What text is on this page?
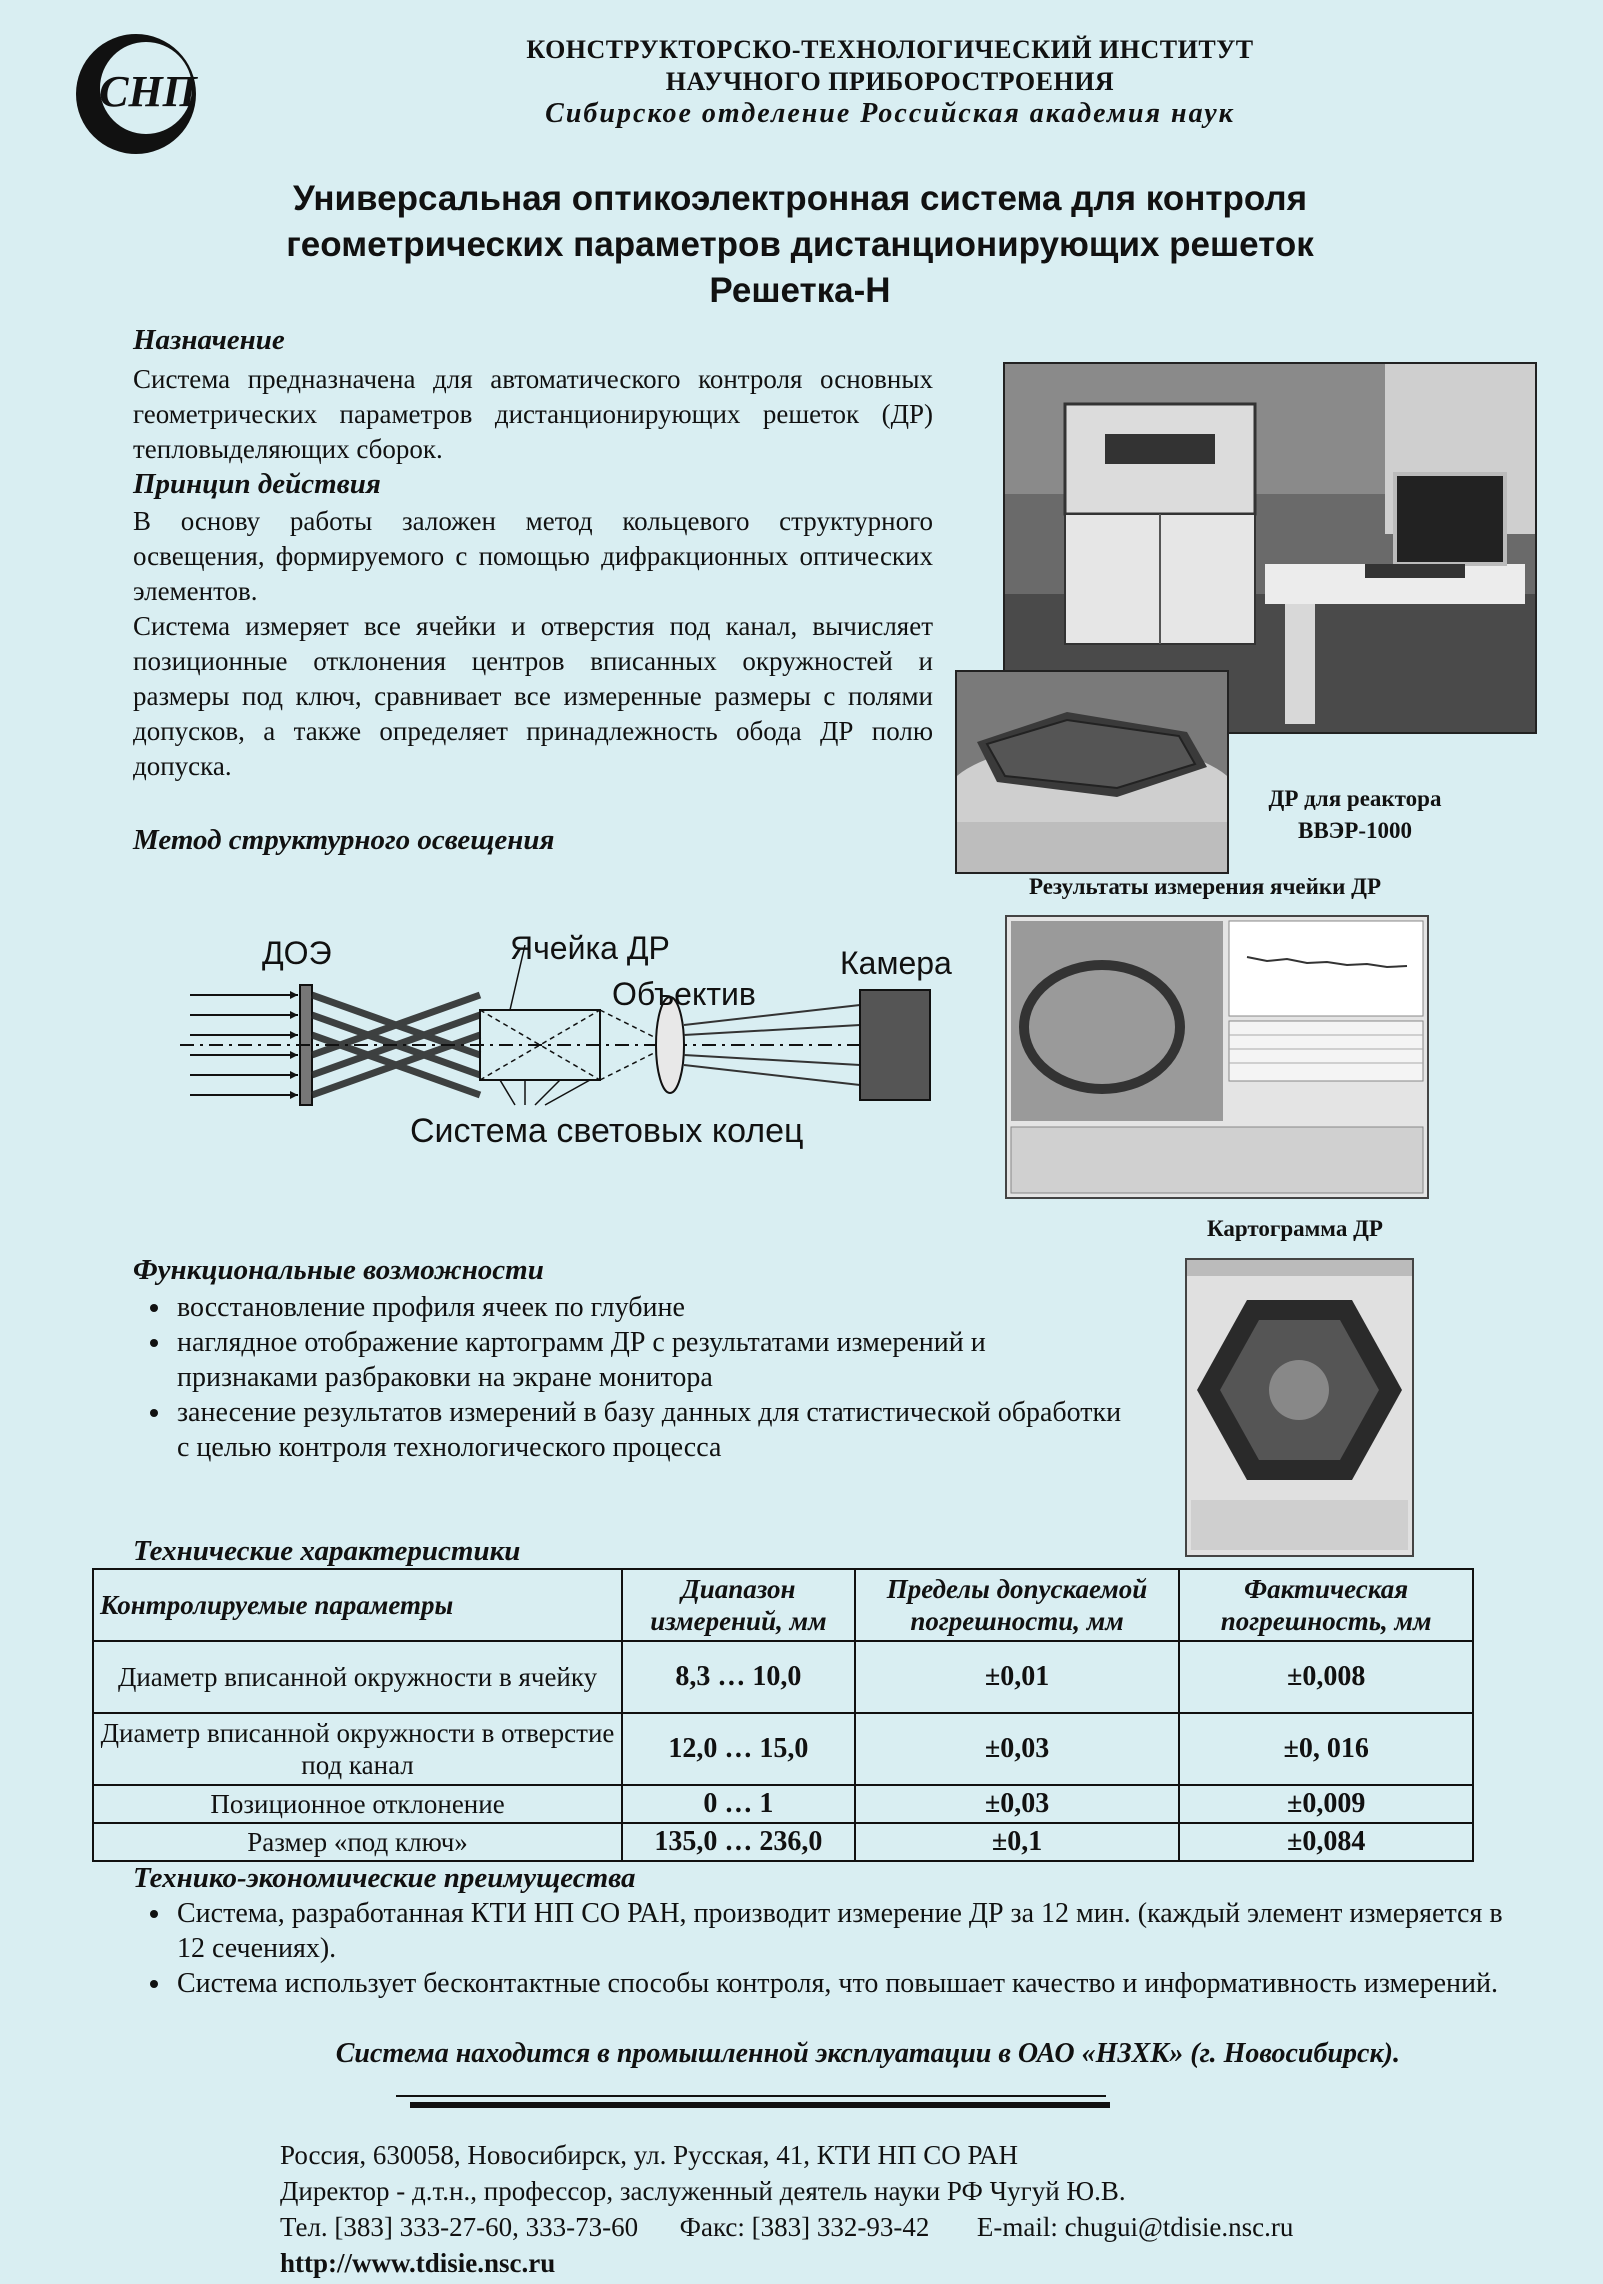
СНП
КОНСТРУКТОРСКО-ТЕХНОЛОГИЧЕСКИЙ ИНСТИТУТ
НАУЧНОГО ПРИБОРОСТРОЕНИЯ
Сибирское отделение Российская академия наук
Универсальная оптикоэлектронная система для контроля
геометрических параметров дистанционирующих решеток
Решетка-Н
Назначение
Система предназначена для автоматического контроля основных геометрических параметров дистанционирующих решеток (ДР) тепловыделяющих сборок.
Принцип действия

В основу работы заложен метод кольцевого структурного освещения, формируемого с помощью дифракционных оптических элементов.

Система измеряет все ячейки и отверстия под канал, вычисляет позиционные отклонения центров вписанных окружностей и размеры под ключ, сравнивает все измеренные размеры с полями допусков, а также определяет принадлежность обода ДР полю допуска.

ДР для реактора
ВВЭР-1000
Метод структурного освещения
ДОЭ	Ячейка ДР
Объектив
Камера
Система световых колец
Результаты измерения ячейки ДР
Картограмма ДР
Функциональные возможности
• восстановление профиля ячеек по глубине
• наглядное отображение картограмм ДР с результатами измерений и признаками разбраковки на экране монитора
• занесение результатов измерений в базу данных для статистической обработки с целью контроля технологического процесса
Технические характеристики
Контролируемые параметры	Диапазон измерений, мм	Пределы допускаемой погрешности, мм	Фактическая погрешность, мм
Диаметр вписанной окружности в ячейку	8,3 … 10,0	±0,01	±0,008
Диаметр вписанной окружности в отверстие под канал	12,0 … 15,0	±0,03	±0, 016
Позиционное отклонение	0 … 1	±0,03	±0,009
Размер «под ключ»	135,0 … 236,0	±0,1	±0,084
Технико-экономические преимущества
• Система, разработанная КТИ НП СО РАН, производит измерение ДР за 12 мин. (каждый элемент измеряется в 12 сечениях).
• Система использует бесконтактные способы контроля, что повышает качество и информативность измерений.
Система находится в промышленной эксплуатации в ОАО «НЗХК» (г. Новосибирск).
Россия, 630058, Новосибирск, ул. Русская, 41, КТИ НП СО РАН
Директор - д.т.н., профессор, заслуженный деятель науки РФ Чугуй Ю.В.
Тел. [383] 333-27-60, 333-73-60 Факс: [383] 332-93-42 E-mail: chugui@tdisie.nsc.ru
http://www.tdisie.nsc.ru
